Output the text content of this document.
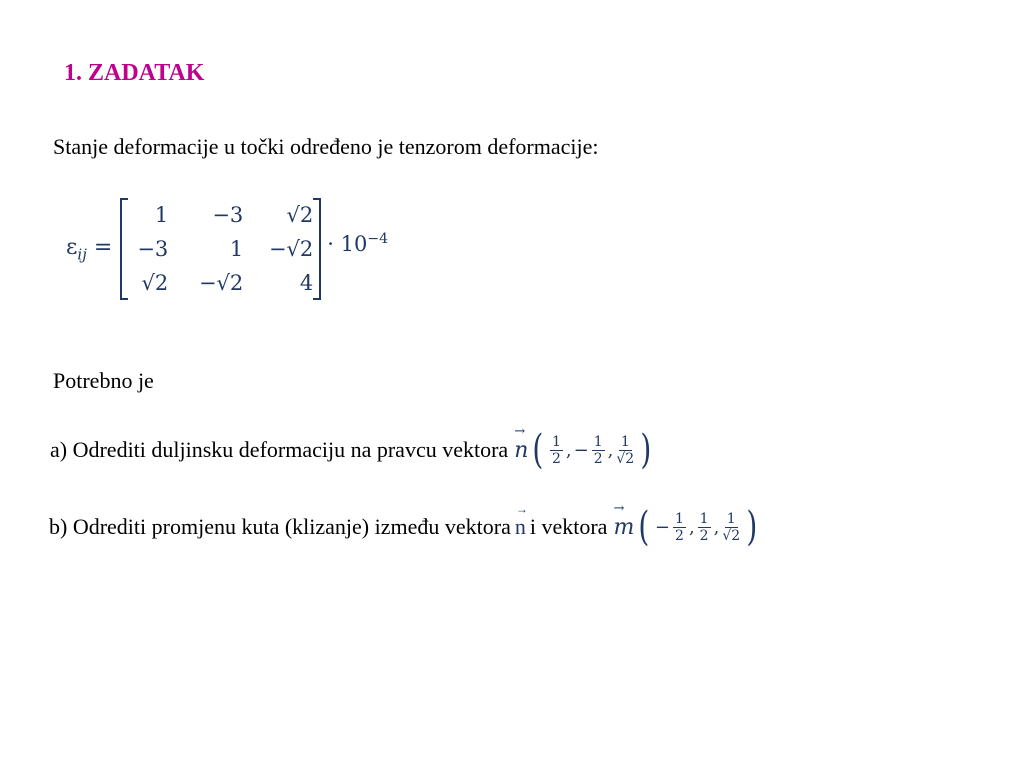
1. ZADATAK
Stanje deformacije u točki određeno je tenzorom deformacije:
$\varepsilon_{ij}$ =
1	−3	√2
−3	1	−√2
√2	−√2	4
· $10^{-4}$
Potrebno je
a) Odrediti duljinsku deformaciju na pravcu vektora → n ( $\frac{1}{2}$ , − $\frac{1}{2}$ , $\frac{1}{√2}$ )
b) Odrediti promjenu kuta (klizanje) između vektora → n i vektora → m ( − $\frac{1}{2}$ , $\frac{1}{2}$ , $\frac{1}{√2}$ )
